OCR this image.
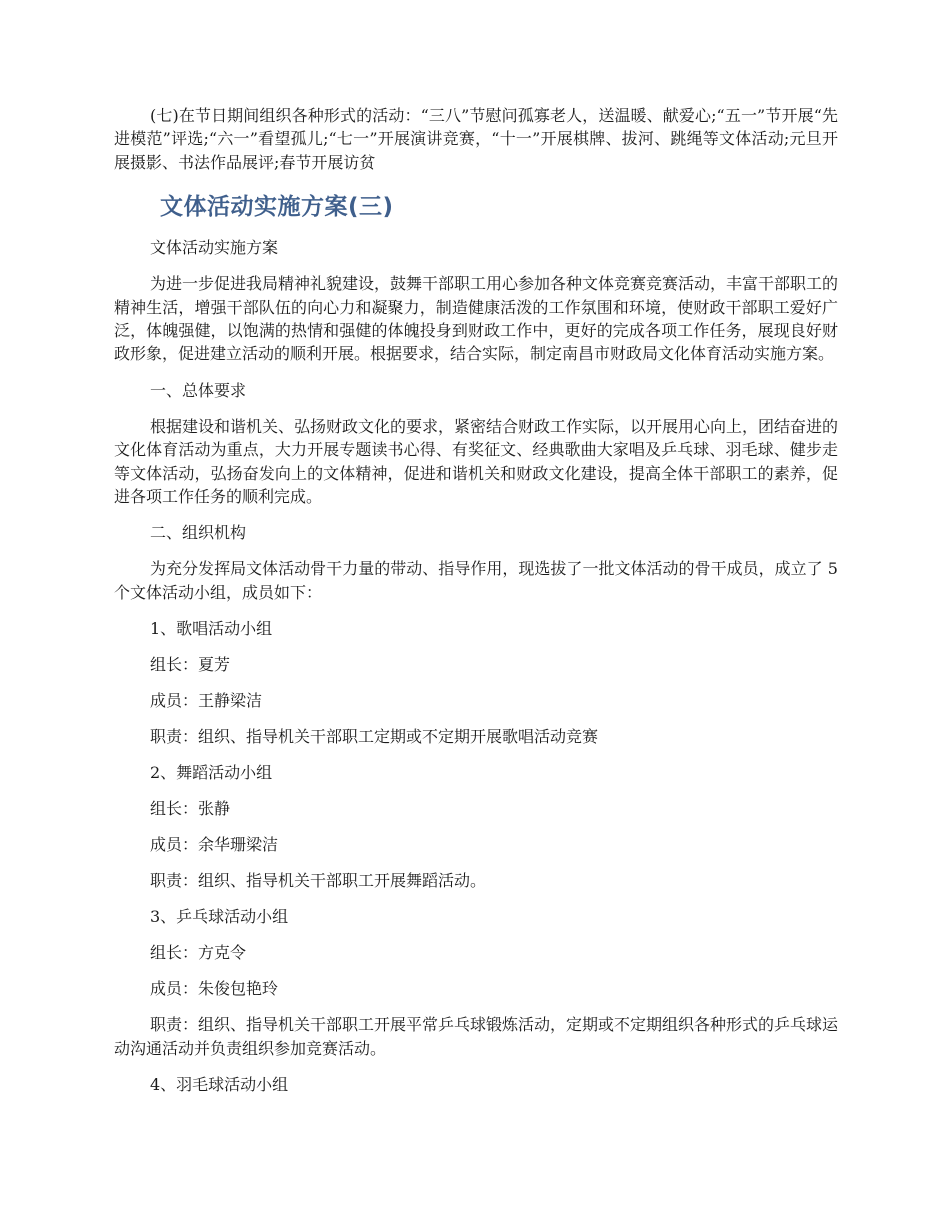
(七)在节日期间组织各种形式的活动：“三八”节慰问孤寡老人，送温暖、献爱心;“五一”节开展“先进模范”评选;“六一”看望孤儿;“七一”开展演讲竞赛，“十一”开展棋牌、拔河、跳绳等文体活动;元旦开展摄影、书法作品展评;春节开展访贫

文体活动实施方案(三)

文体活动实施方案

为进一步促进我局精神礼貌建设，鼓舞干部职工用心参加各种文体竞赛竞赛活动，丰富干部职工的精神生活，增强干部队伍的向心力和凝聚力，制造健康活泼的工作氛围和环境，使财政干部职工爱好广泛，体魄强健，以饱满的热情和强健的体魄投身到财政工作中，更好的完成各项工作任务，展现良好财政形象，促进建立活动的顺利开展。根据要求，结合实际，制定南昌市财政局文化体育活动实施方案。

一、总体要求

根据建设和谐机关、弘扬财政文化的要求，紧密结合财政工作实际，以开展用心向上，团结奋进的文化体育活动为重点，大力开展专题读书心得、有奖征文、经典歌曲大家唱及乒乓球、羽毛球、健步走等文体活动，弘扬奋发向上的文体精神，促进和谐机关和财政文化建设，提高全体干部职工的素养，促进各项工作任务的顺利完成。

二、组织机构

为充分发挥局文体活动骨干力量的带动、指导作用，现选拔了一批文体活动的骨干成员，成立了 5 个文体活动小组，成员如下：

1、歌唱活动小组

组长：夏芳

成员：王静梁洁

职责：组织、指导机关干部职工定期或不定期开展歌唱活动竞赛

2、舞蹈活动小组

组长：张静

成员：余华珊梁洁

职责：组织、指导机关干部职工开展舞蹈活动。

3、乒乓球活动小组

组长：方克令

成员：朱俊包艳玲

职责：组织、指导机关干部职工开展平常乒乓球锻炼活动，定期或不定期组织各种形式的乒乓球运动沟通活动并负责组织参加竞赛活动。

4、羽毛球活动小组
